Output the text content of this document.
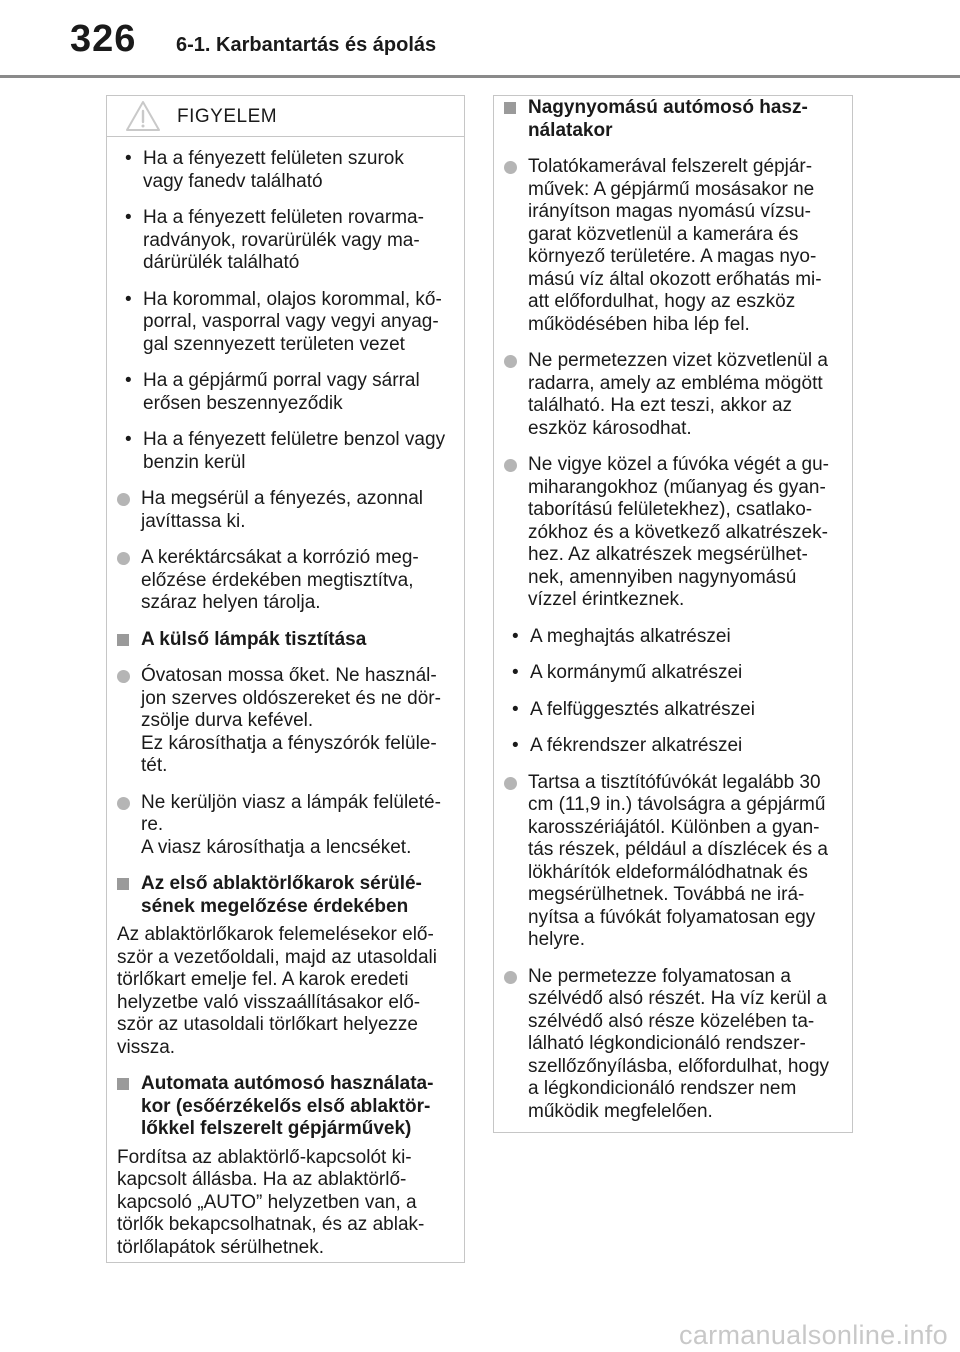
326 6-1. Karbantartás és ápolás
FIGYELEM
• Ha a fényezett felületen szurok
vagy fanedv található
• Ha a fényezett felületen rovarma-
radványok, rovarürülék vagy ma-
dárürülék található
• Ha korommal, olajos korommal, kő-
porral, vasporral vagy vegyi anyag-
gal szennyezett területen vezet
• Ha a gépjármű porral vagy sárral
erősen beszennyeződik
• Ha a fényezett felületre benzol vagy
benzin kerül
Ha megsérül a fényezés, azonnal
javíttassa ki.
A keréktárcsákat a korrózió meg-
előzése érdekében megtisztítva,
száraz helyen tárolja.
A külső lámpák tisztítása
Óvatosan mossa őket. Ne használ-
jon szerves oldószereket és ne dör-
zsölje durva kefével.
Ez károsíthatja a fényszórók felüle-
tét.
Ne kerüljön viasz a lámpák felületé-
re.
A viasz károsíthatja a lencséket.
Az első ablaktörlőkarok sérülé-
sének megelőzése érdekében
Az ablaktörlőkarok felemelésekor elő-
ször a vezetőoldali, majd az utasoldali
törlőkart emelje fel. A karok eredeti
helyzetbe való visszaállításakor elő-
ször az utasoldali törlőkart helyezze
vissza.
Automata autómosó használata-
kor (esőérzékelős első ablaktör-
lőkkel felszerelt gépjárművek)
Fordítsa az ablaktörlő-kapcsolót ki-
kapcsolt állásba. Ha az ablaktörlő-
kapcsoló „AUTO” helyzetben van, a
törlők bekapcsolhatnak, és az ablak-
törlőlapátok sérülhetnek.
Nagynyomású autómosó hasz-
nálatakor
Tolatókamerával felszerelt gépjár-
művek: A gépjármű mosásakor ne
irányítson magas nyomású vízsu-
garat közvetlenül a kamerára és
környező területére. A magas nyo-
mású víz által okozott erőhatás mi-
att előfordulhat, hogy az eszköz
működésében hiba lép fel.
Ne permetezzen vizet közvetlenül a
radarra, amely az embléma mögött
található. Ha ezt teszi, akkor az
eszköz károsodhat.
Ne vigye közel a fúvóka végét a gu-
miharangokhoz (műanyag és gyan-
taborítású felületekhez), csatlako-
zókhoz és a következő alkatrészek-
hez. Az alkatrészek megsérülhet-
nek, amennyiben nagynyomású
vízzel érintkeznek.
• A meghajtás alkatrészei
• A kormánymű alkatrészei
• A felfüggesztés alkatrészei
• A fékrendszer alkatrészei
Tartsa a tisztítófúvókát legalább 30
cm (11,9 in.) távolságra a gépjármű
karosszériájától. Különben a gyan-
tás részek, például a díszlécek és a
lökhárítók eldeformálódhatnak és
megsérülhetnek. Továbbá ne irá-
nyítsa a fúvókát folyamatosan egy
helyre.
Ne permetezze folyamatosan a
szélvédő alsó részét. Ha víz kerül a
szélvédő alsó része közelében ta-
lálható légkondicionáló rendszer-
szellőzőnyílásba, előfordulhat, hogy
a légkondicionáló rendszer nem
működik megfelelően.
carmanualsonline.info
